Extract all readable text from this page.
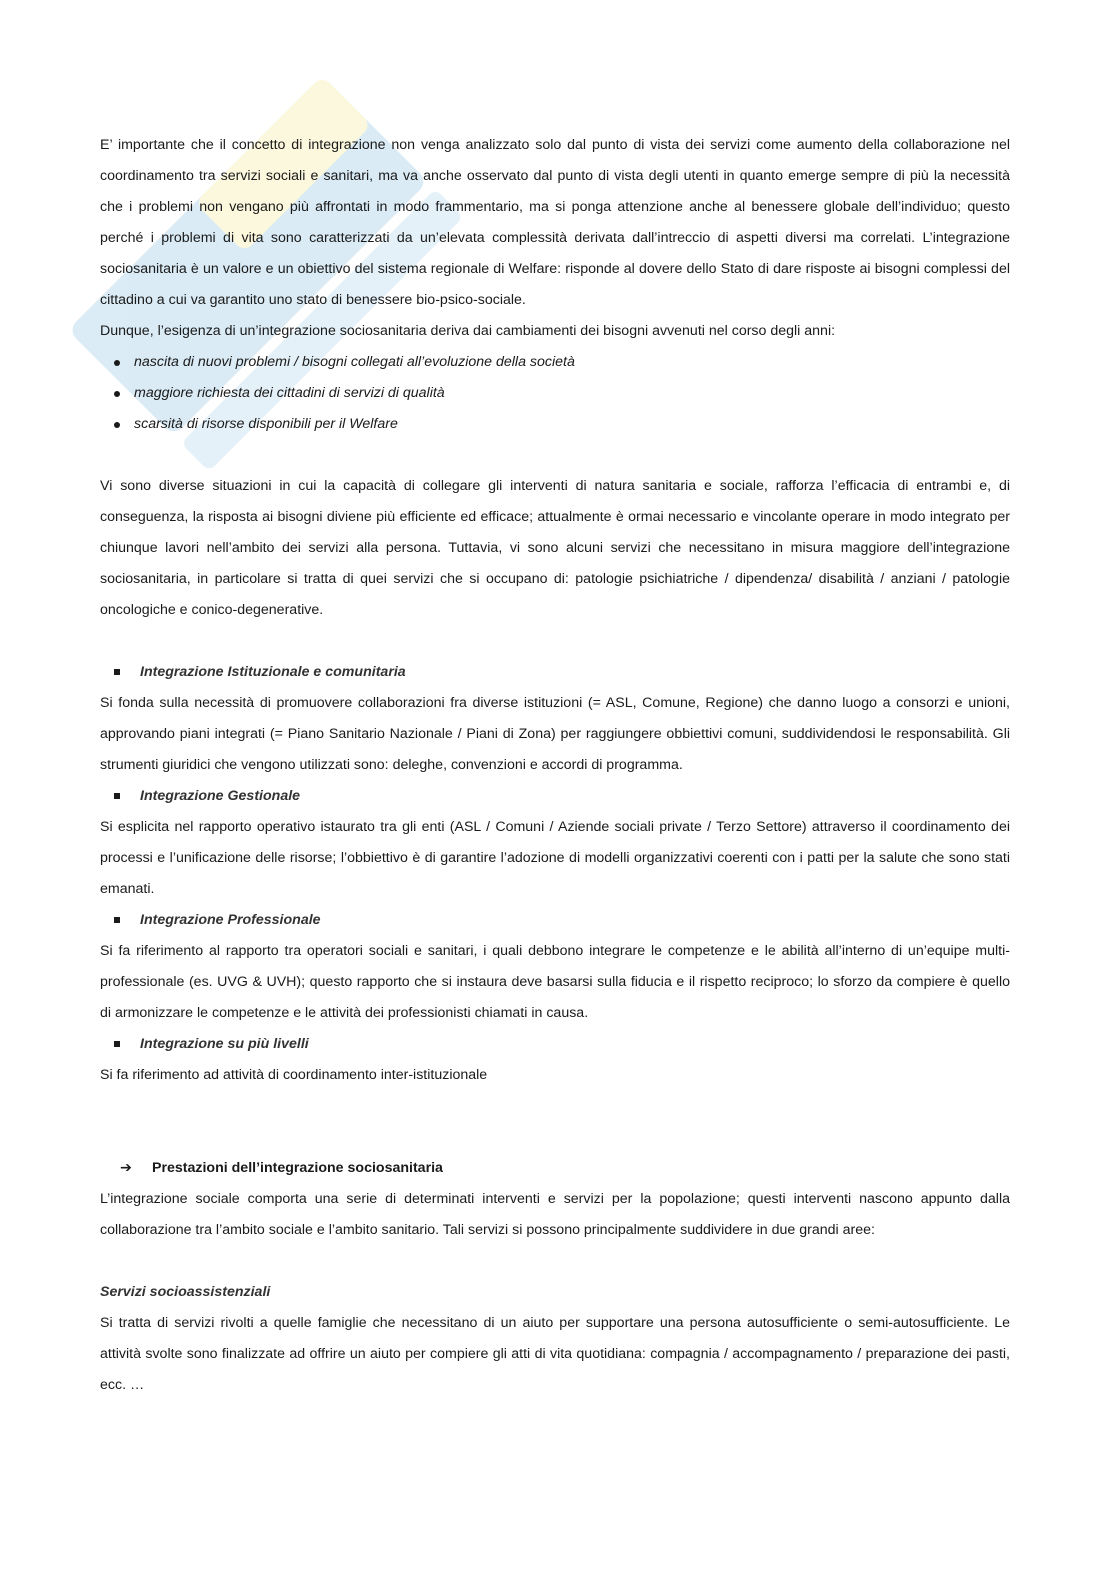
E’ importante che il concetto di integrazione non venga analizzato solo dal punto di vista dei servizi come aumento della collaborazione nel coordinamento tra servizi sociali e sanitari, ma va anche osservato dal punto di vista degli utenti in quanto emerge sempre di più la necessità che i problemi non vengano più affrontati in modo frammentario, ma si ponga attenzione anche al benessere globale dell’individuo; questo perché i problemi di vita sono caratterizzati da un’elevata complessità derivata dall’intreccio di aspetti diversi ma correlati. L’integrazione sociosanitaria è un valore e un obiettivo del sistema regionale di Welfare: risponde al dovere dello Stato di dare risposte ai bisogni complessi del cittadino a cui va garantito uno stato di benessere bio-psico-sociale.

Dunque, l’esigenza di un’integrazione sociosanitaria deriva dai cambiamenti dei bisogni avvenuti nel corso degli anni:

nascita di nuovi problemi / bisogni collegati all’evoluzione della società
maggiore richiesta dei cittadini di servizi di qualità
scarsità di risorse disponibili per il Welfare

Vi sono diverse situazioni in cui la capacità di collegare gli interventi di natura sanitaria e sociale, rafforza l’efficacia di entrambi e, di conseguenza, la risposta ai bisogni diviene più efficiente ed efficace; attualmente è ormai necessario e vincolante operare in modo integrato per chiunque lavori nell’ambito dei servizi alla persona. Tuttavia, vi sono alcuni servizi che necessitano in misura maggiore dell’integrazione sociosanitaria, in particolare si tratta di quei servizi che si occupano di: patologie psichiatriche / dipendenza/ disabilità / anziani / patologie oncologiche e conico-degenerative.

Integrazione Istituzionale e comunitaria

Si fonda sulla necessità di promuovere collaborazioni fra diverse istituzioni (= ASL, Comune, Regione) che danno luogo a consorzi e unioni, approvando piani integrati (= Piano Sanitario Nazionale / Piani di Zona) per raggiungere obbiettivi comuni, suddividendosi le responsabilità. Gli strumenti giuridici che vengono utilizzati sono: deleghe, convenzioni e accordi di programma.

Integrazione Gestionale

Si esplicita nel rapporto operativo istaurato tra gli enti (ASL / Comuni / Aziende sociali private / Terzo Settore) attraverso il coordinamento dei processi e l’unificazione delle risorse; l’obbiettivo è di garantire l’adozione di modelli organizzativi coerenti con i patti per la salute che sono stati emanati.

Integrazione Professionale

Si fa riferimento al rapporto tra operatori sociali e sanitari, i quali debbono integrare le competenze e le abilità all’interno di un’equipe multi-professionale (es. UVG & UVH); questo rapporto che si instaura deve basarsi sulla fiducia e il rispetto reciproco; lo sforzo da compiere è quello di armonizzare le competenze e le attività dei professionisti chiamati in causa.

Integrazione su più livelli

Si fa riferimento ad attività di coordinamento inter-istituzionale

➔ Prestazioni dell’integrazione sociosanitaria

L’integrazione sociale comporta una serie di determinati interventi e servizi per la popolazione; questi interventi nascono appunto dalla collaborazione tra l’ambito sociale e l’ambito sanitario. Tali servizi si possono principalmente suddividere in due grandi aree:

Servizi socioassistenziali

Si tratta di servizi rivolti a quelle famiglie che necessitano di un aiuto per supportare una persona autosufficiente o semi-autosufficiente. Le attività svolte sono finalizzate ad offrire un aiuto per compiere gli atti di vita quotidiana: compagnia / accompagnamento / preparazione dei pasti, ecc. …
